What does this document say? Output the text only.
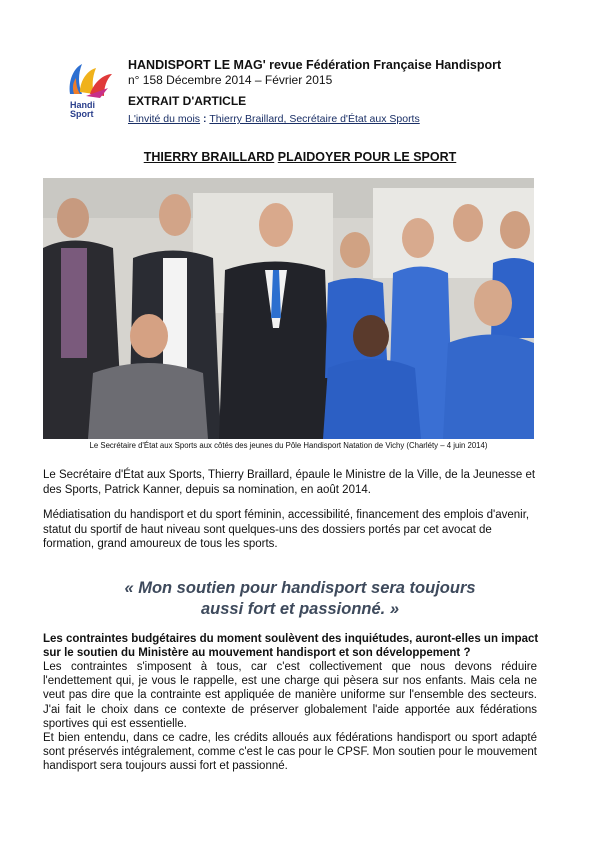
Handi
Sport
HANDISPORT LE MAG' revue Fédération Française Handisport
n° 158 Décembre 2014 – Février 2015
EXTRAIT D'ARTICLE
L'invité du mois : Thierry Braillard, Secrétaire d'État aux Sports
THIERRY BRAILLARD PLAIDOYER POUR LE SPORT
Le Secrétaire d'État aux Sports aux côtés des jeunes du Pôle Handisport Natation de Vichy (Charléty – 4 juin 2014)
Le Secrétaire d'État aux Sports, Thierry Braillard, épaule le Ministre de la Ville, de la Jeunesse et des Sports, Patrick Kanner, depuis sa nomination, en août 2014.
Médiatisation du handisport et du sport féminin, accessibilité, financement des emplois d'avenir, statut du sportif de haut niveau sont quelques-uns des dossiers portés par cet avocat de formation, grand amoureux de tous les sports.
« Mon soutien pour handisport sera toujours
aussi fort et passionné. »
Les contraintes budgétaires du moment soulèvent des inquiétudes, auront-elles un impact sur le soutien du Ministère au mouvement handisport et son développement ?

Les contraintes s'imposent à tous, car c'est collectivement que nous devons réduire l'endettement qui, je vous le rappelle, est une charge qui pèsera sur nos enfants. Mais cela ne veut pas dire que la contrainte est appliquée de manière uniforme sur l'ensemble des secteurs. J'ai fait le choix dans ce contexte de préserver globalement l'aide apportée aux fédérations sportives qui est essentielle.

Et bien entendu, dans ce cadre, les crédits alloués aux fédérations handisport ou sport adapté sont préservés intégralement, comme c'est le cas pour le CPSF. Mon soutien pour le mouvement handisport sera toujours aussi fort et passionné.
